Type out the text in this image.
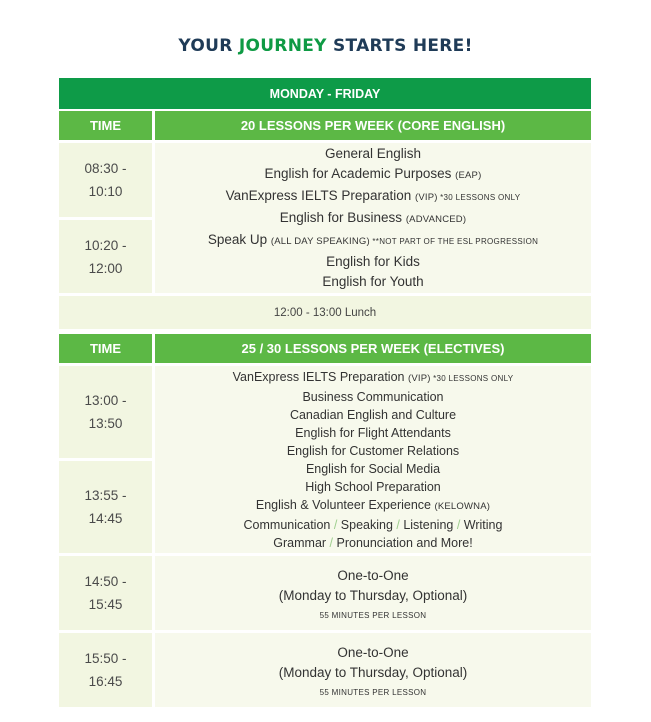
YOUR JOURNEY STARTS HERE!
MONDAY - FRIDAY
TIME	20 LESSONS PER WEEK (CORE ENGLISH)
08:30 -
10:10
10:20 -
12:00
General English
English for Academic Purposes (EAP)
VanExpress IELTS Preparation (VIP) *30 LESSONS ONLY
English for Business (ADVANCED)
Speak Up (ALL DAY SPEAKING) **NOT PART OF THE ESL PROGRESSION
English for Kids
English for Youth
12:00 - 13:00 Lunch
TIME	25 / 30 LESSONS PER WEEK (ELECTIVES)
13:00 -
13:50
13:55 -
14:45
VanExpress IELTS Preparation (VIP) *30 LESSONS ONLY
Business Communication
Canadian English and Culture
English for Flight Attendants
English for Customer Relations
English for Social Media
High School Preparation
English & Volunteer Experience (KELOWNA)
Communication / Speaking / Listening / Writing
Grammar / Pronunciation and More!
14:50 -
15:45
One-to-One
(Monday to Thursday, Optional)
55 MINUTES PER LESSON
15:50 -
16:45
One-to-One
(Monday to Thursday, Optional)
55 MINUTES PER LESSON
